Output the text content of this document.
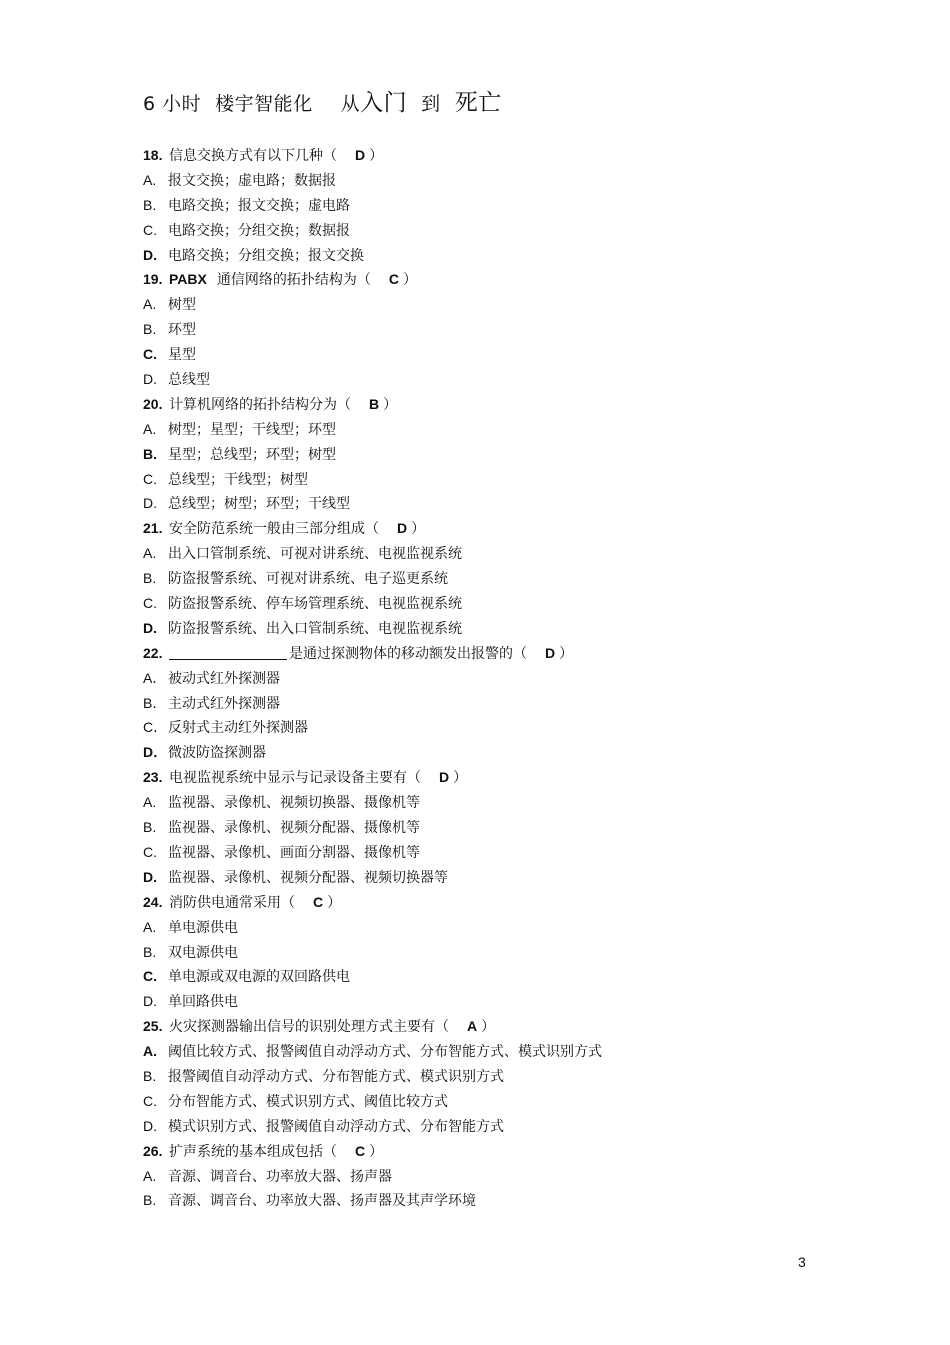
6 小时 楼宇智能化 从入门 到 死亡
18. 信息交换方式有以下几种（ D ）
A. 报文交换；虚电路；数据报
B. 电路交换；报文交换；虚电路
C. 电路交换；分组交换；数据报
D. 电路交换；分组交换；报文交换
19. PABX 通信网络的拓扑结构为（ C ）
A. 树型
B. 环型
C. 星型
D. 总线型
20. 计算机网络的拓扑结构分为（ B ）
A. 树型；星型；干线型；环型
B. 星型；总线型；环型；树型
C. 总线型；干线型；树型
D. 总线型；树型；环型；干线型
21. 安全防范系统一般由三部分组成（ D ）
A. 出入口管制系统、可视对讲系统、电视监视系统
B. 防盗报警系统、可视对讲系统、电子巡更系统
C. 防盗报警系统、停车场管理系统、电视监视系统
D. 防盗报警系统、出入口管制系统、电视监视系统
22.	是通过探测物体的移动额发出报警的（ D ）
A． 被动式红外探测器
B． 主动式红外探测器
C．反射式主动红外探测器
D．微波防盗探测器
23. 电视监视系统中显示与记录设备主要有（ D ）
A. 监视器、录像机、视频切换器、摄像机等
B. 监视器、录像机、视频分配器、摄像机等
C. 监视器、录像机、画面分割器、摄像机等
D. 监视器、录像机、视频分配器、视频切换器等
24. 消防供电通常采用（ C ）
A. 单电源供电
B. 双电源供电
C. 单电源或双电源的双回路供电
D. 单回路供电
25. 火灾探测器输出信号的识别处理方式主要有（ A ）
A. 阈值比较方式、报警阈值自动浮动方式、分布智能方式、模式识别方式
B. 报警阈值自动浮动方式、分布智能方式、模式识别方式
C. 分布智能方式、模式识别方式、阈值比较方式
D. 模式识别方式、报警阈值自动浮动方式、分布智能方式
26. 扩声系统的基本组成包括（ C ）
A. 音源、调音台、功率放大器、扬声器
B. 音源、调音台、功率放大器、扬声器及其声学环境
3
